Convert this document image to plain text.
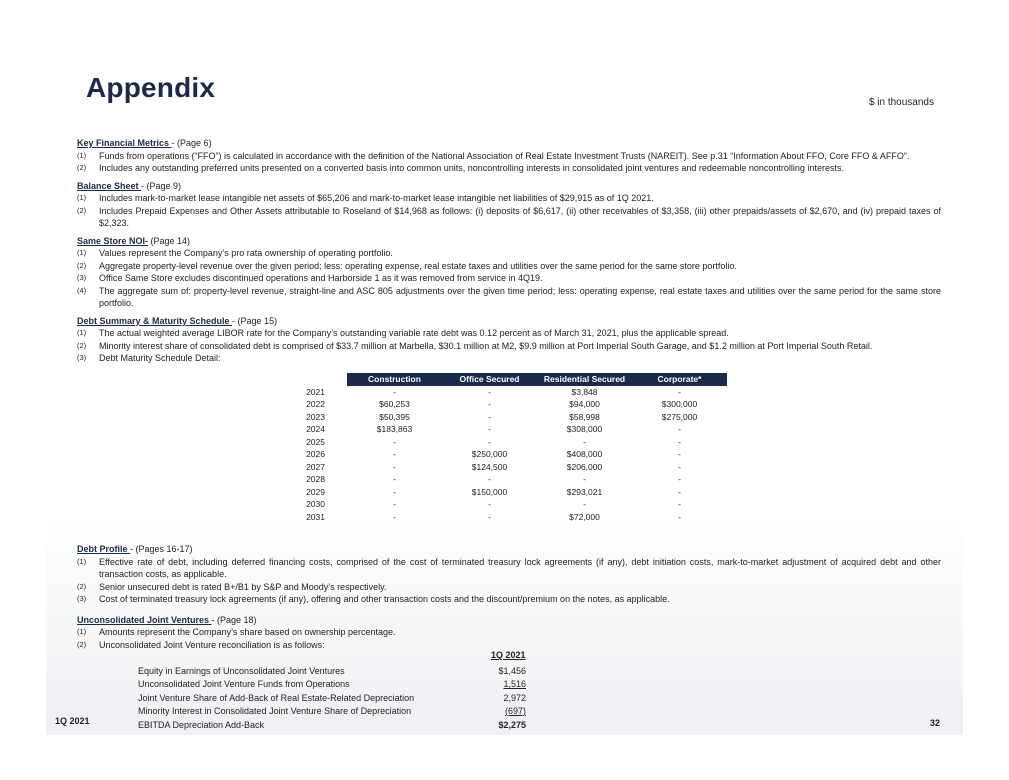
Appendix	$ in thousands
Key Financial Metrics - (Page 6)
(1)	Funds from operations (“FFO”) is calculated in accordance with the definition of the National Association of Real Estate Investment Trusts (NAREIT). See p.31 “Information About FFO, Core FFO & AFFO”.
(2)	Includes any outstanding preferred units presented on a converted basis into common units, noncontrolling interests in consolidated joint ventures and redeemable noncontrolling interests.
Balance Sheet - (Page 9)
(1)	Includes mark-to-market lease intangible net assets of $65,206 and mark-to-market lease intangible net liabilities of $29,915 as of 1Q 2021.
(2)	Includes Prepaid Expenses and Other Assets attributable to Roseland of $14,968 as follows: (i) deposits of $6,617, (ii) other receivables of $3,358, (iii) other prepaids/assets of $2,670, and (iv) prepaid taxes of $2,323.
Same Store NOI- (Page 14)
(1)	Values represent the Company’s pro rata ownership of operating portfolio.
(2)	Aggregate property-level revenue over the given period; less: operating expense, real estate taxes and utilities over the same period for the same store portfolio.
(3)	Office Same Store excludes discontinued operations and Harborside 1 as it was removed from service in 4Q19.
(4)	The aggregate sum of: property-level revenue, straight-line and ASC 805 adjustments over the given time period; less: operating expense, real estate taxes and utilities over the same period for the same store portfolio.
Debt Summary & Maturity Schedule - (Page 15)
(1)	The actual weighted average LIBOR rate for the Company’s outstanding variable rate debt was 0.12 percent as of March 31, 2021, plus the applicable spread.
(2)	Minority interest share of consolidated debt is comprised of $33.7 million at Marbella, $30.1 million at M2, $9.9 million at Port Imperial South Garage, and $1.2 million at Port Imperial South Retail.
(3)	Debt Maturity Schedule Detail:
	Construction	Office Secured	Residential Secured	Corporate*
2021	-	-	$3,848	-
2022	$60,253	-	$94,000	$300,000
2023	$50,395	-	$58,998	$275,000
2024	$183,863	-	$308,000	-
2025	-	-	-	-
2026	-	$250,000	$408,000	-
2027	-	$124,500	$206,000	-
2028	-	-	-	-
2029	-	$150,000	$293,021	-
2030	-	-	-	-
2031	-	-	$72,000	-
Debt Profile - (Pages 16-17)
(1)	Effective rate of debt, including deferred financing costs, comprised of the cost of terminated treasury lock agreements (if any), debt initiation costs, mark-to-market adjustment of acquired debt and other transaction costs, as applicable.
(2)	Senior unsecured debt is rated B+/B1 by S&P and Moody’s respectively.
(3)	Cost of terminated treasury lock agreements (if any), offering and other transaction costs and the discount/premium on the notes, as applicable.
Unconsolidated Joint Ventures - (Page 18)
(1)	Amounts represent the Company’s share based on ownership percentage.
(2)	Unconsolidated Joint Venture reconciliation is as follows:
1Q 2021
Equity in Earnings of Unconsolidated Joint Ventures	$1,456
Unconsolidated Joint Venture Funds from Operations	1,516
Joint Venture Share of Add-Back of Real Estate-Related Depreciation	2,972
Minority Interest in Consolidated Joint Venture Share of Depreciation	(697)
EBITDA Depreciation Add-Back	$2,275
1Q 2021	32
